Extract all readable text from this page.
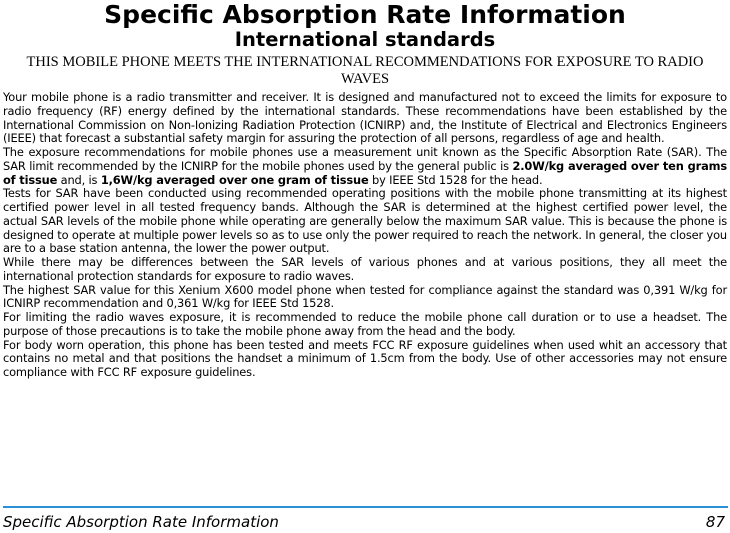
Specific Absorption Rate Information
International standards
THIS MOBILE PHONE MEETS THE INTERNATIONAL RECOMMENDATIONS FOR EXPOSURE TO RADIO WAVES

Your mobile phone is a radio transmitter and receiver. It is designed and manufactured not to exceed the limits for exposure to radio frequency (RF) energy defined by the international standards. These recommendations have been established by the International Commission on Non-Ionizing Radiation Protection (ICNIRP) and, the Institute of Electrical and Electronics Engineers (IEEE) that forecast a substantial safety margin for assuring the protection of all persons, regardless of age and health.

The exposure recommendations for mobile phones use a measurement unit known as the Specific Absorption Rate (SAR). The SAR limit recommended by the ICNIRP for the mobile phones used by the general public is 2.0W/kg averaged over ten grams of tissue and, is 1,6W/kg averaged over one gram of tissue by IEEE Std 1528 for the head.

Tests for SAR have been conducted using recommended operating positions with the mobile phone transmitting at its highest certified power level in all tested frequency bands. Although the SAR is determined at the highest certified power level, the actual SAR levels of the mobile phone while operating are generally below the maximum SAR value. This is because the phone is designed to operate at multiple power levels so as to use only the power required to reach the network. In general, the closer you are to a base station antenna, the lower the power output.

While there may be differences between the SAR levels of various phones and at various positions, they all meet the international protection standards for exposure to radio waves.

The highest SAR value for this Xenium X600 model phone when tested for compliance against the standard was 0,391 W/kg for ICNIRP recommendation and 0,361 W/kg for IEEE Std 1528.

For limiting the radio waves exposure, it is recommended to reduce the mobile phone call duration or to use a headset. The purpose of those precautions is to take the mobile phone away from the head and the body.

For body worn operation, this phone has been tested and meets FCC RF exposure guidelines when used whit an accessory that contains no metal and that positions the handset a minimum of 1.5cm from the body. Use of other accessories may not ensure compliance with FCC RF exposure guidelines.

Specific Absorption Rate Information	87
